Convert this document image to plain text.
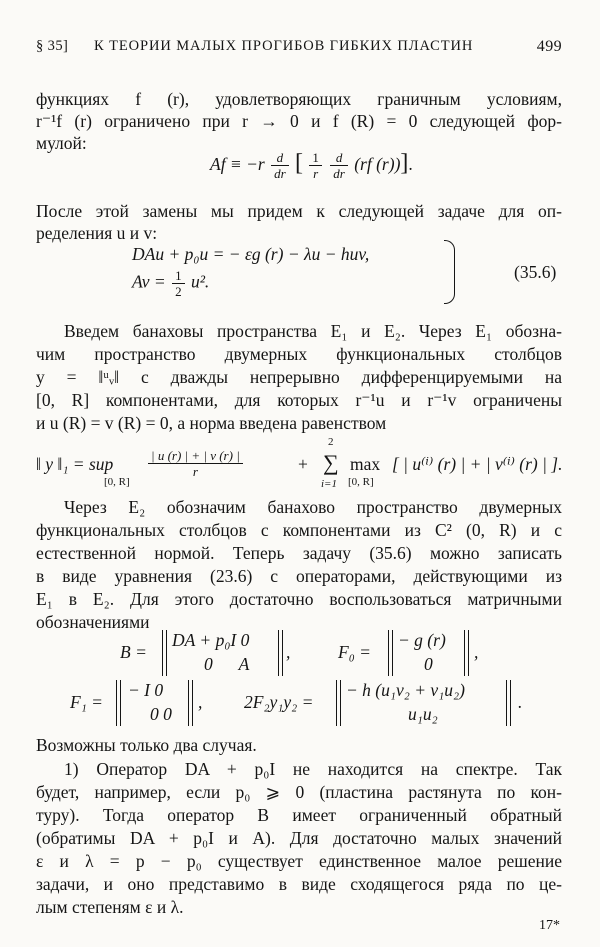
§ 35] К ТЕОРИИ МАЛЫХ ПРОГИБОВ ГИБКИХ ПЛАСТИН	499
функциях f (r), удовлетворяющих граничным условиям,
r⁻¹f (r) ограничено при r → 0 и f (R) = 0 следующей фор-
мулой:
$Af \equiv -r \frac{d}{dr}$ [ $\frac{1}{r}$
$\frac{d}{dr} (rf$ (r))].
После этой замены мы придем к следующей задаче для оп-
ределения u и v:
DAu + p₀u = − εg (r) − λu − huv,
$Av = \frac{1}{2} u^2$.	(35.6)
Введем банаховы пространства E₁ и E₂. Через E₁ обозна-
чим пространство двумерных функциональных столбцов
y = ‖ᵘᵥ‖ с дважды непрерывно дифференцируемыми на
[0, R] компонентами, для которых r⁻¹u и r⁻¹v ограничены
и u (R) = v (R) = 0, а норма введена равенством
‖ y ‖₁ = sup
[0, R]
$\frac{| u (r) | + | v (r) |}{r}$	+
2
∑
i=1
max
[0, R]
[ | u⁽ⁱ⁾ (r) | + | v⁽ⁱ⁾ (r) | ].
Через E₂ обозначим банахово пространство двумерных
функциональных столбцов с компонентами из C² (0, R) и с
естественной нормой. Теперь задачу (35.6) можно записать
в виде уравнения (23.6) с операторами, действующими из
E₁ в E₂. Для этого достаточно воспользоваться матричными
обозначениями
B =
DA + p₀I 0
0      A
,	F₀ =
− g (r)
0
,
F₁ =
− I 0
0 0
, 2F₂y₁y₂ =
− h (u₁v₂ + v₁u₂)
u₁u₂
.
Возможны только два случая.
1) Оператор DA + p₀I не находится на спектре. Так
будет, например, если p₀ ⩾ 0 (пластина растянута по кон-
туру). Тогда оператор B имеет ограниченный обратный
(обратимы DA + p₀I и A). Для достаточно малых значений
ε и λ = p − p₀ существует единственное малое решение
задачи, и оно представимо в виде сходящегося ряда по це-
лым степеням ε и λ.
17*
